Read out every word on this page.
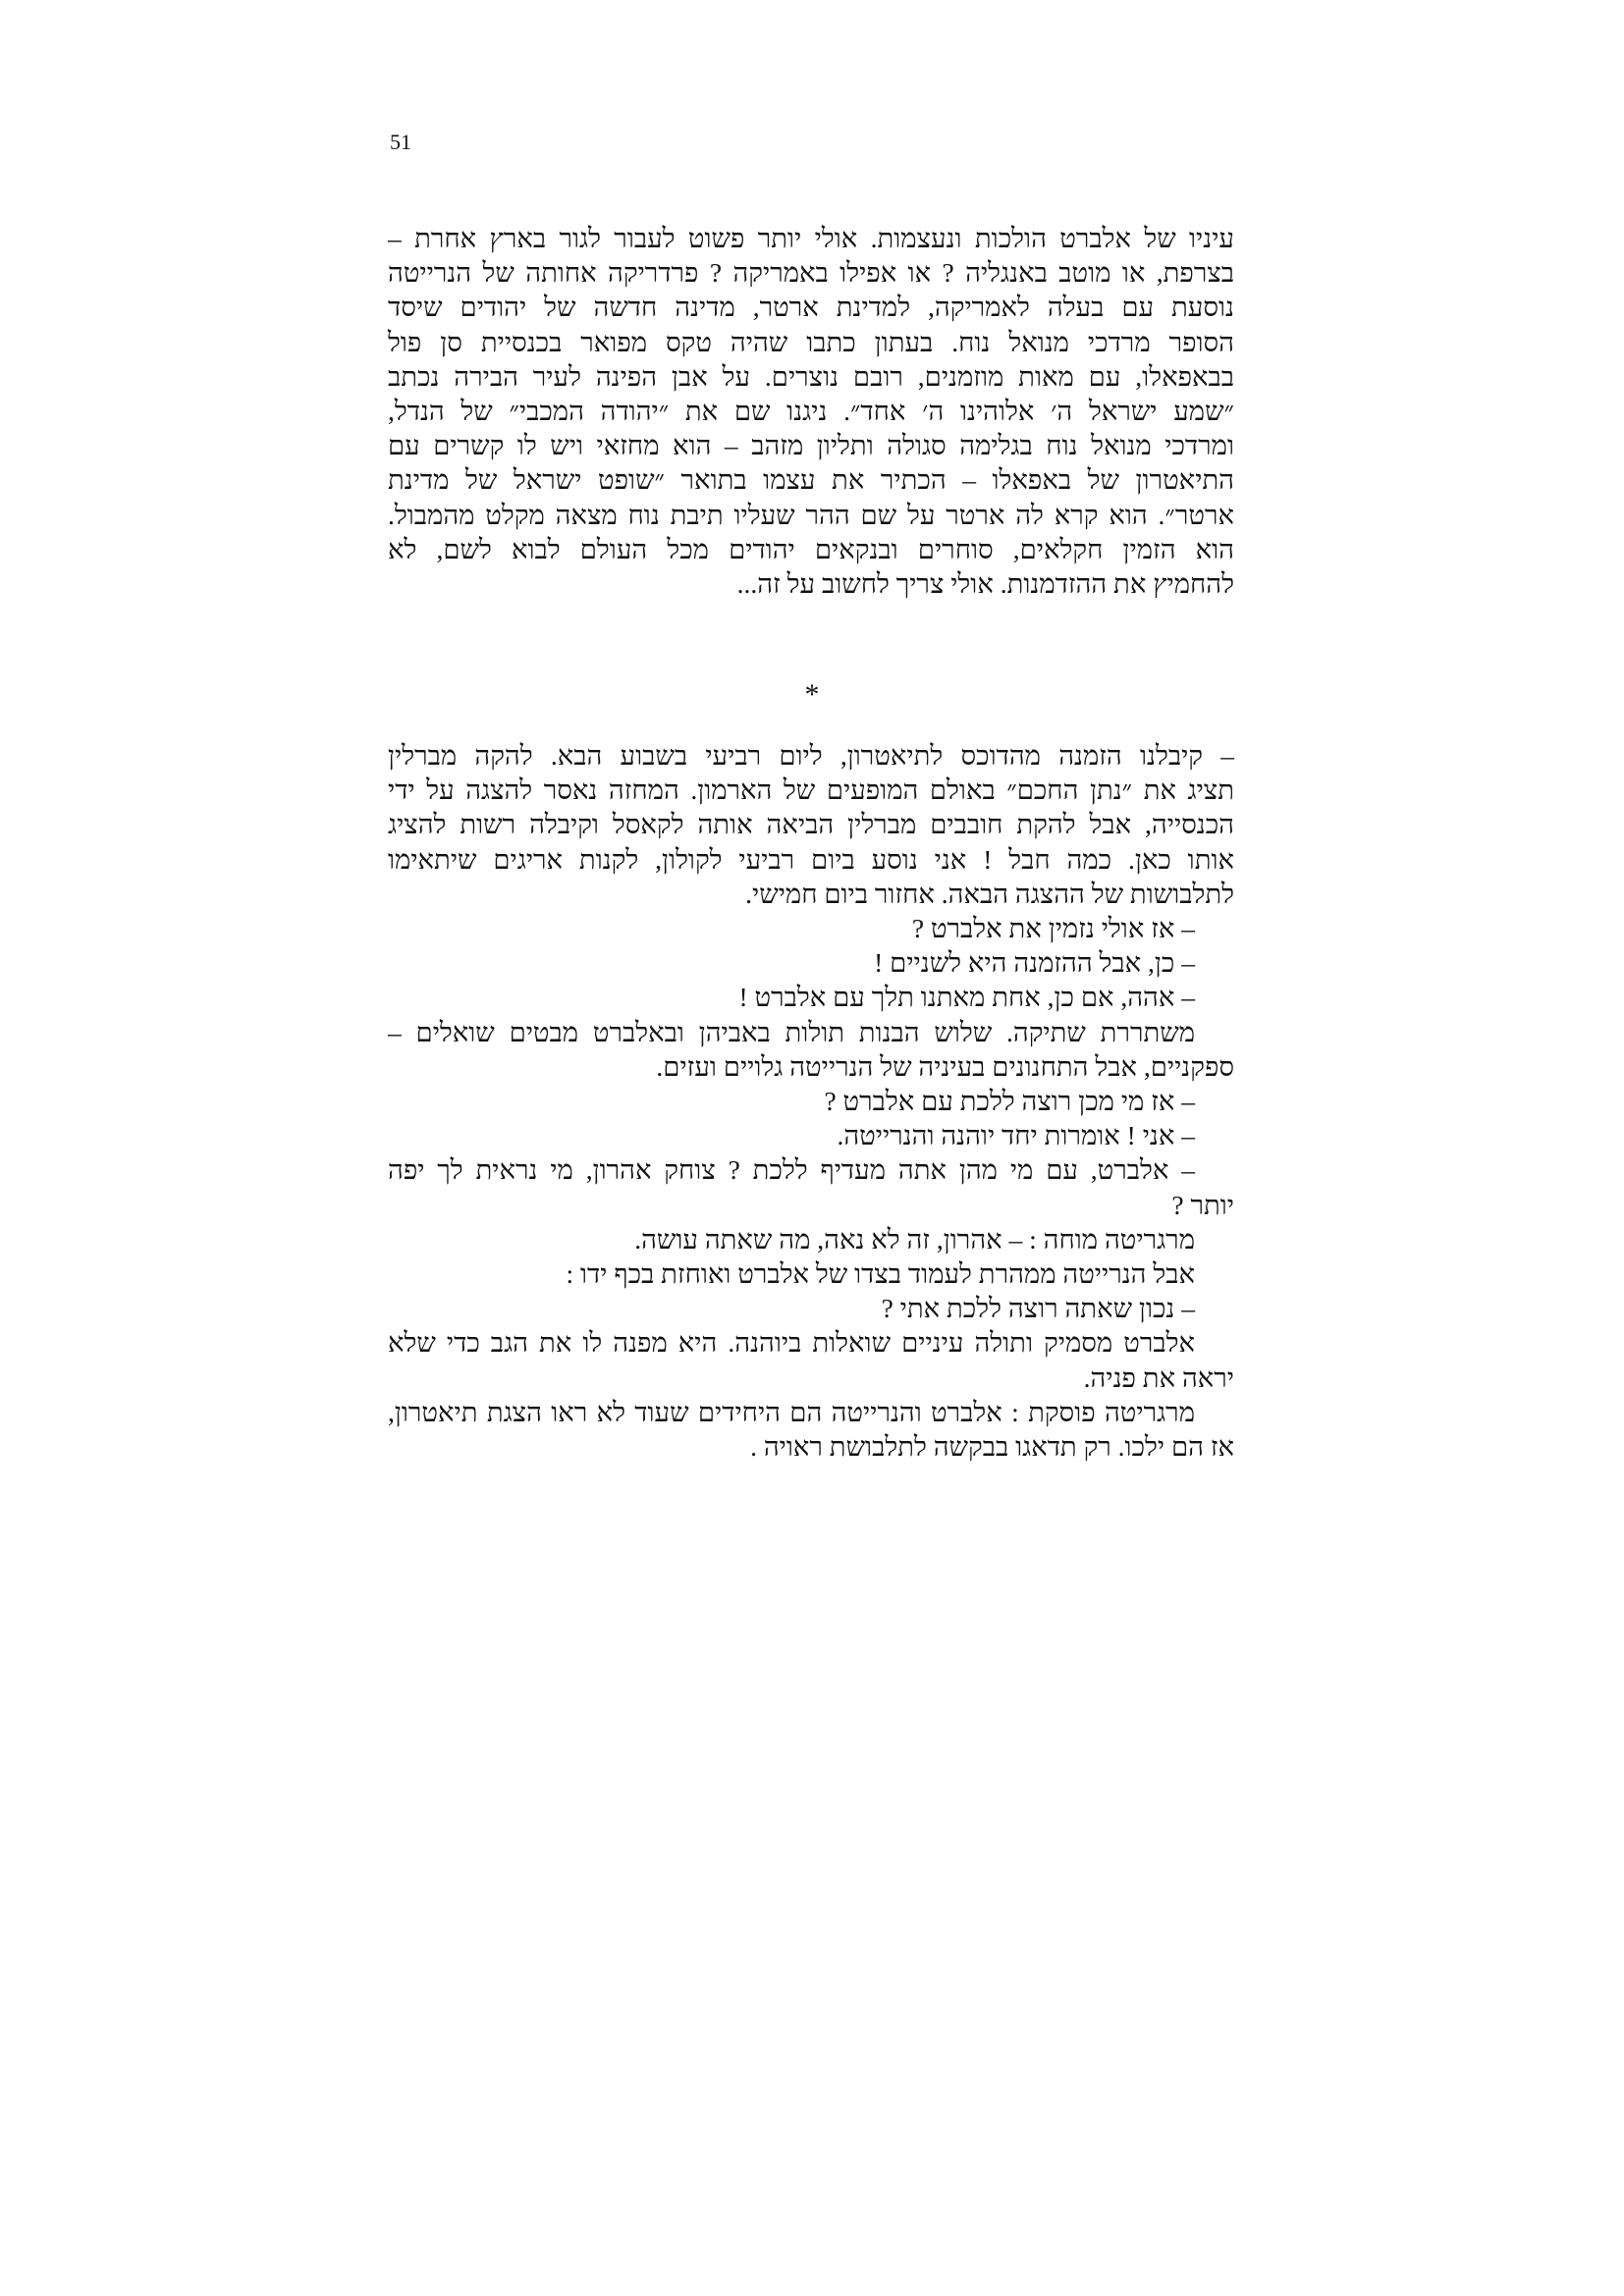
51
עיניו של אלברט הולכות ונעצמות. אולי יותר פשוט לעבור לגור בארץ אחרת –
בצרפת, או מוטב באנגליה ? או אפילו באמריקה ? פרדריקה אחותה של הנרייטה
נוסעת עם בעלה לאמריקה, למדינת ארטר, מדינה חדשה של יהודים שיסד
הסופר מרדכי מנואל נוח. בעתון כתבו שהיה טקס מפואר בכנסיית סן פול
בבאפאלו, עם מאות מוזמנים, רובם נוצרים. על אבן הפינה לעיר הבירה נכתב
״שמע ישראל ה׳ אלוהינו ה׳ אחד״. ניגנו שם את ״יהודה המכבי״ של הנדל,
ומרדכי מנואל נוח בגלימה סגולה ותליון מזהב – הוא מחזאי ויש לו קשרים עם
התיאטרון של באפאלו – הכתיר את עצמו בתואר ״שופט ישראל של מדינת
ארטר״. הוא קרא לה ארטר על שם ההר שעליו תיבת נוח מצאה מקלט מהמבול.
הוא הזמין חקלאים, סוחרים ובנקאים יהודים מכל העולם לבוא לשם, לא
להחמיץ את ההזדמנות. אולי צריך לחשוב על זה...
*
– קיבלנו הזמנה מהדוכס לתיאטרון, ליום רביעי בשבוע הבא. להקה מברלין
תציג את ״נתן החכם״ באולם המופעים של הארמון. המחזה נאסר להצגה על ידי
הכנסייה, אבל להקת חובבים מברלין הביאה אותה לקאסל וקיבלה רשות להציג
אותו כאן. כמה חבל ! אני נוסע ביום רביעי לקולון, לקנות אריגים שיתאימו
לתלבושות של ההצגה הבאה. אחזור ביום חמישי.
– אז אולי נזמין את אלברט ?
– כן, אבל ההזמנה היא לשניים !
– אהה, אם כן, אחת מאתנו תלך עם אלברט !
משתררת שתיקה. שלוש הבנות תולות באביהן ובאלברט מבטים שואלים –
ספקניים, אבל התחנונים בעיניה של הנרייטה גלויים ועזים.
– אז מי מכן רוצה ללכת עם אלברט ?
– אני ! אומרות יחד יוהנה והנרייטה.
– אלברט, עם מי מהן אתה מעדיף ללכת ? צוחק אהרון, מי נראית לך יפה
יותר ?
מרגריטה מוחה : – אהרון, זה לא נאה, מה שאתה עושה.
אבל הנרייטה ממהרת לעמוד בצדו של אלברט ואוחזת בכף ידו :
– נכון שאתה רוצה ללכת אתי ?
אלברט מסמיק ותולה עיניים שואלות ביוהנה. היא מפנה לו את הגב כדי שלא
יראה את פניה.
מרגריטה פוסקת : אלברט והנרייטה הם היחידים שעוד לא ראו הצגת תיאטרון,
אז הם ילכו. רק תדאגו בבקשה לתלבושת ראויה .
